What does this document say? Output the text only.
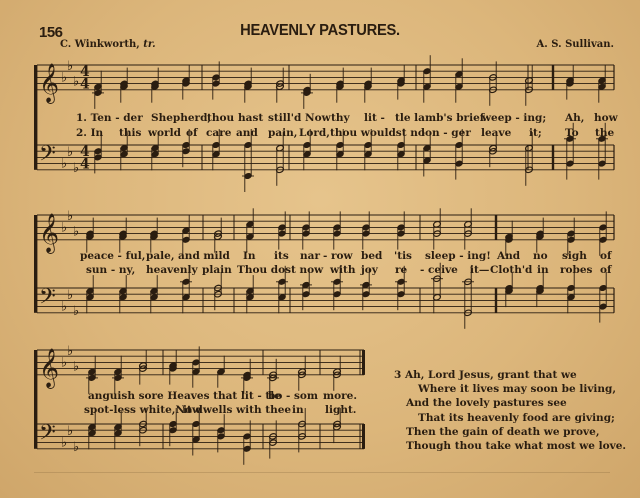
156	HEAVENLY PASTURES.
C. Winkworth, tr.	A. S. Sullivan.
𝄞
𝄢
♭
♭
♭
♭
♭
♭
4
4
4
4
𝄞
𝄢
♭
♭
♭
♭
♭
♭
𝄞
𝄢
♭
♭
♭
♭
♭
♭
1. Ten - der Shepherd,
thou hast still'd Now thy lit - tle lamb's brief
weep - ing; Ah, how
2. In this world of care and pain, Lord, thou wouldst no
lon - ger leave it; To the
peace - ful, pale, and mild In its nar - row bed 'tis sleep - ing! And no sigh of
sun - ny, heavenly plain Thou dost now with joy re - ceive it— Cloth'd in robes of
anguish sore Heaves that lit - tle
bo - som more.
spot-less white,Now
it dwells with thee in light.
3 Ah, Lord Jesus, grant that we
Where it lives may soon be living,
And the lovely pastures see
That its heavenly food are giving;
Then the gain of death we prove,
Though thou take what most we love.
